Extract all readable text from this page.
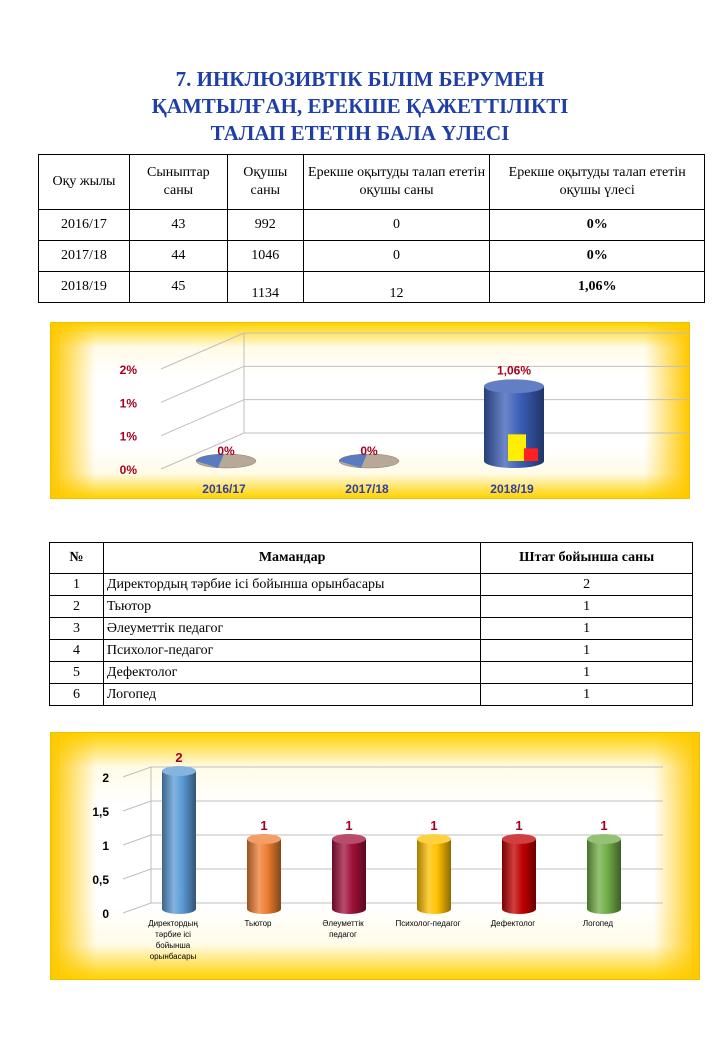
7. ИНКЛЮЗИВТІК БІЛІМ БЕРУМЕН
ҚАМТЫЛҒАН, ЕРЕКШЕ ҚАЖЕТТІЛІКТІ
ТАЛАП ЕТЕТІН БАЛА ҮЛЕСІ
Оқу жылы	Сыныптар саны	Оқушы саны	Ерекше оқытуды талап ететін оқушы саны	Ерекше оқытуды талап ететін оқушы үлесі
2016/17	43	992	0	0%
2017/18	44	1046	0	0%
2018/19	45	1134	12	1,06%
0%
1%
1%
2%
0%
2016/17
0%
2017/18
1,06%
2018/19
№	Мамандар	Штат бойынша саны
1	Директордың тәрбие ісі бойынша орынбасары	2
2	Тьютор	1
3	Әлеуметтік педагог	1
4	Психолог-педагог	1
5	Дефектолог	1
6	Логопед	1
0
0,5
1
1,5
2
2
Директордың тәрбие ісі бойынша орынбасары
1
Тьютор
1
Әлеуметтік педагог
1
Психолог-педагог
1
Дефектолог
1
Логопед
